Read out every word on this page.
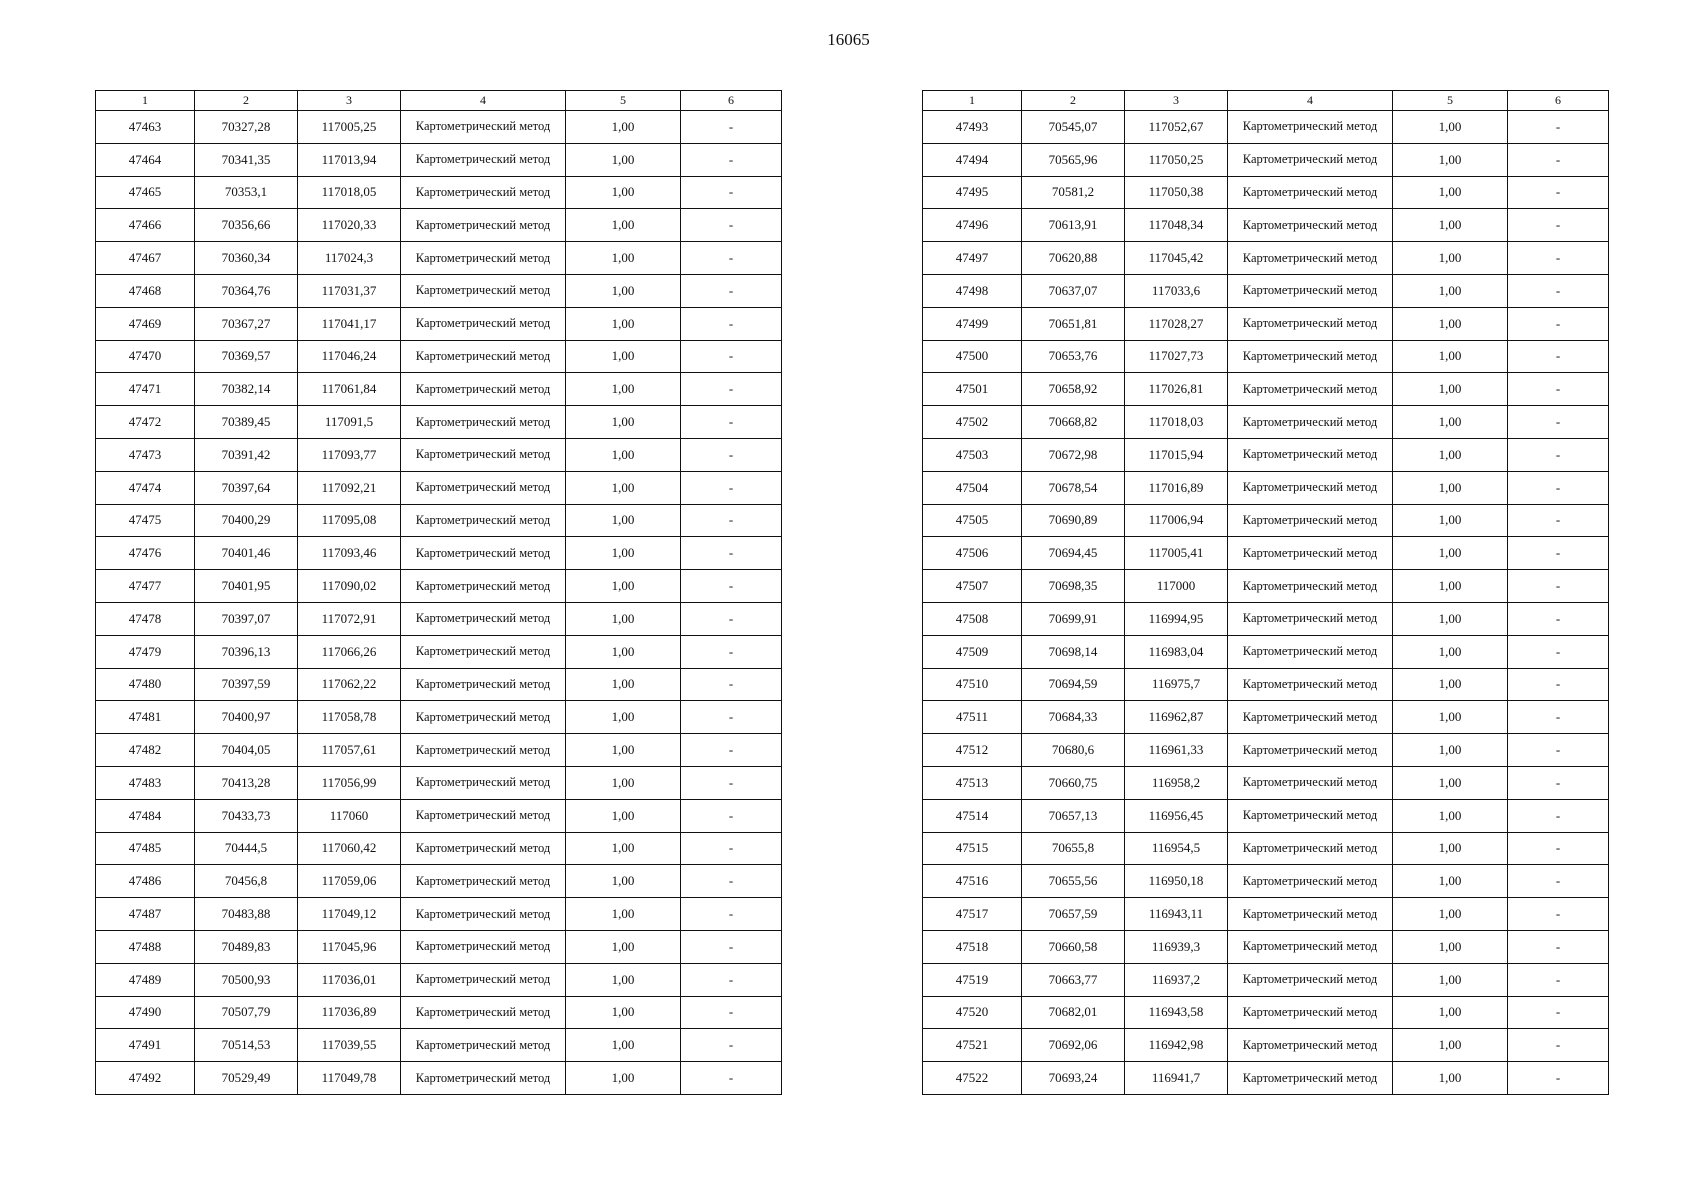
16065
1	2	3	4	5	6
47463	70327,28	117005,25	Картометрический метод	1,00	-
47464	70341,35	117013,94	Картометрический метод	1,00	-
47465	70353,1	117018,05	Картометрический метод	1,00	-
47466	70356,66	117020,33	Картометрический метод	1,00	-
47467	70360,34	117024,3	Картометрический метод	1,00	-
47468	70364,76	117031,37	Картометрический метод	1,00	-
47469	70367,27	117041,17	Картометрический метод	1,00	-
47470	70369,57	117046,24	Картометрический метод	1,00	-
47471	70382,14	117061,84	Картометрический метод	1,00	-
47472	70389,45	117091,5	Картометрический метод	1,00	-
47473	70391,42	117093,77	Картометрический метод	1,00	-
47474	70397,64	117092,21	Картометрический метод	1,00	-
47475	70400,29	117095,08	Картометрический метод	1,00	-
47476	70401,46	117093,46	Картометрический метод	1,00	-
47477	70401,95	117090,02	Картометрический метод	1,00	-
47478	70397,07	117072,91	Картометрический метод	1,00	-
47479	70396,13	117066,26	Картометрический метод	1,00	-
47480	70397,59	117062,22	Картометрический метод	1,00	-
47481	70400,97	117058,78	Картометрический метод	1,00	-
47482	70404,05	117057,61	Картометрический метод	1,00	-
47483	70413,28	117056,99	Картометрический метод	1,00	-
47484	70433,73	117060	Картометрический метод	1,00	-
47485	70444,5	117060,42	Картометрический метод	1,00	-
47486	70456,8	117059,06	Картометрический метод	1,00	-
47487	70483,88	117049,12	Картометрический метод	1,00	-
47488	70489,83	117045,96	Картометрический метод	1,00	-
47489	70500,93	117036,01	Картометрический метод	1,00	-
47490	70507,79	117036,89	Картометрический метод	1,00	-
47491	70514,53	117039,55	Картометрический метод	1,00	-
47492	70529,49	117049,78	Картометрический метод	1,00	-
1	2	3	4	5	6
47493	70545,07	117052,67	Картометрический метод	1,00	-
47494	70565,96	117050,25	Картометрический метод	1,00	-
47495	70581,2	117050,38	Картометрический метод	1,00	-
47496	70613,91	117048,34	Картометрический метод	1,00	-
47497	70620,88	117045,42	Картометрический метод	1,00	-
47498	70637,07	117033,6	Картометрический метод	1,00	-
47499	70651,81	117028,27	Картометрический метод	1,00	-
47500	70653,76	117027,73	Картометрический метод	1,00	-
47501	70658,92	117026,81	Картометрический метод	1,00	-
47502	70668,82	117018,03	Картометрический метод	1,00	-
47503	70672,98	117015,94	Картометрический метод	1,00	-
47504	70678,54	117016,89	Картометрический метод	1,00	-
47505	70690,89	117006,94	Картометрический метод	1,00	-
47506	70694,45	117005,41	Картометрический метод	1,00	-
47507	70698,35	117000	Картометрический метод	1,00	-
47508	70699,91	116994,95	Картометрический метод	1,00	-
47509	70698,14	116983,04	Картометрический метод	1,00	-
47510	70694,59	116975,7	Картометрический метод	1,00	-
47511	70684,33	116962,87	Картометрический метод	1,00	-
47512	70680,6	116961,33	Картометрический метод	1,00	-
47513	70660,75	116958,2	Картометрический метод	1,00	-
47514	70657,13	116956,45	Картометрический метод	1,00	-
47515	70655,8	116954,5	Картометрический метод	1,00	-
47516	70655,56	116950,18	Картометрический метод	1,00	-
47517	70657,59	116943,11	Картометрический метод	1,00	-
47518	70660,58	116939,3	Картометрический метод	1,00	-
47519	70663,77	116937,2	Картометрический метод	1,00	-
47520	70682,01	116943,58	Картометрический метод	1,00	-
47521	70692,06	116942,98	Картометрический метод	1,00	-
47522	70693,24	116941,7	Картометрический метод	1,00	-
